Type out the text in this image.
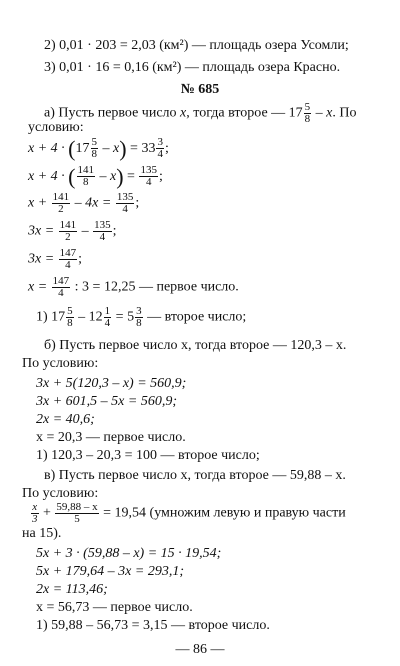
2) 0,01 · 203 = 2,03 (км²) — площадь озера Усомли;
3) 0,01 · 16 = 0,16 (км²) — площадь озера Красно.
№ 685
а) Пусть первое число x, тогда второе — $17 \frac{5}{8}$ – x. По
условию:
$x + 4 \cdot (17 \frac{5}{8} - x) = 33 \frac{3}{4}$ ;
x + 4 · ( $\frac{141}{8} - x) = \frac{135}{4}$ ;
$x + \frac{141}{2} - 4x = \frac{135}{4}$ ;
$3x = \frac{141}{2} - \frac{135}{4}$ ;
$3x = \frac{147}{4}$ ;
$x = \frac{147}{4}$ : 3 = 12,25 — первое число.
1) $17 \frac{5}{8} - 12 \frac{1}{4} = 5 \frac{3}{8}$ — второе число;
б) Пусть первое число x, тогда второе — 120,3 – x.
По условию:
3x + 5(120,3 – x) = 560,9;
3x + 601,5 – 5x = 560,9;
2x = 40,6;
x = 20,3 — первое число.
1) 120,3 – 20,3 = 100 — второе число;
в) Пусть первое число x, тогда второе — 59,88 – x.
По условию:
$\frac{x}{3} + \frac{59,88 - x}{5} = 19,54$ (умножим левую и правую части
на 15).
5x + 3 · (59,88 – x) = 15 · 19,54;
5x + 179,64 – 3x = 293,1;
2x = 113,46;
x = 56,73 — первое число.
1) 59,88 – 56,73 = 3,15 — второе число.
— 86 —
